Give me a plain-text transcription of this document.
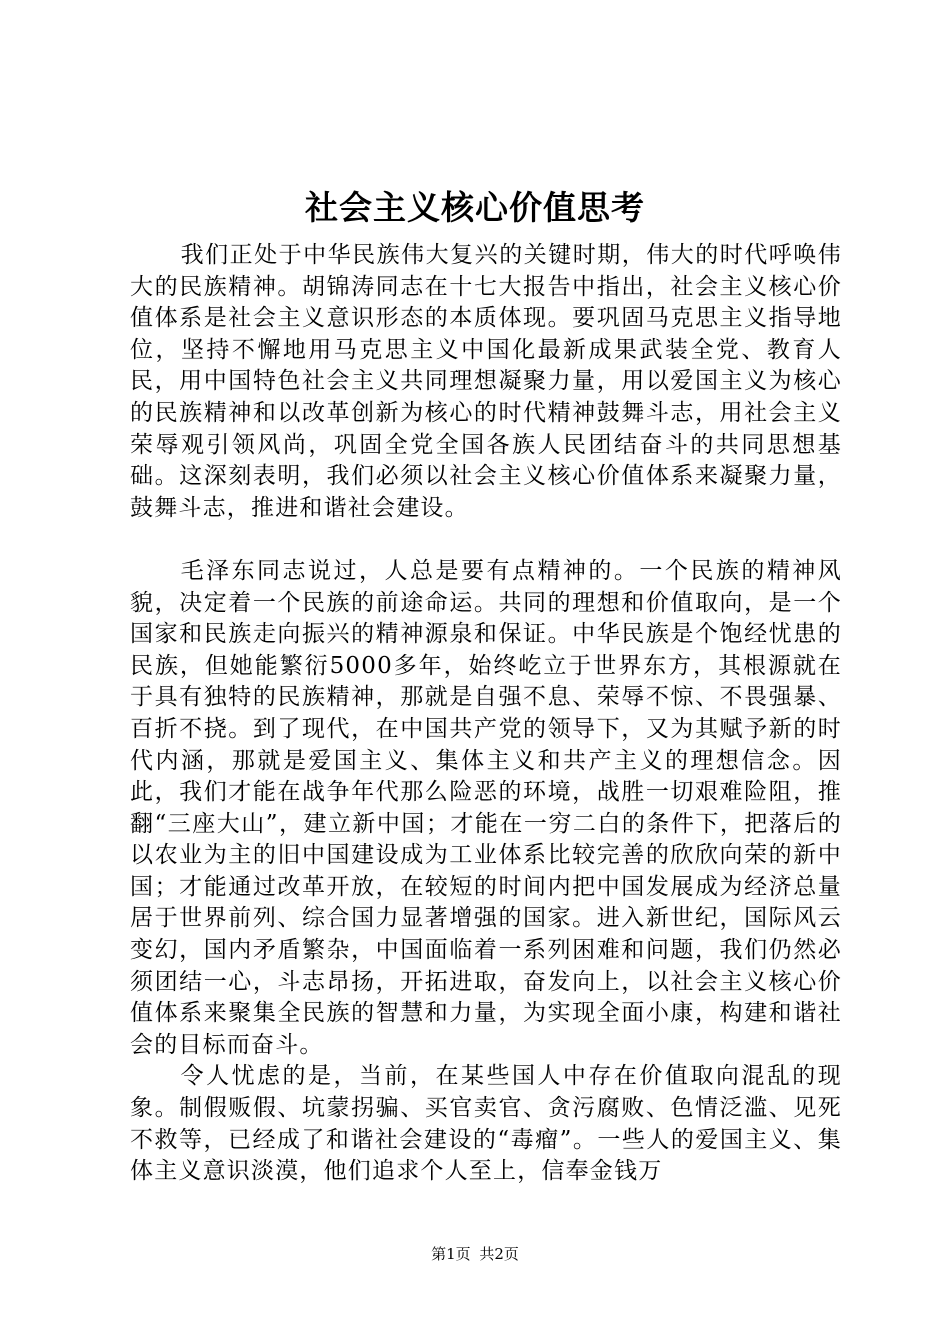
社会主义核心价值思考

我们正处于中华民族伟大复兴的关键时期，伟大的时代呼唤伟大的民族精神。胡锦涛同志在十七大报告中指出，社会主义核心价值体系是社会主义意识形态的本质体现。要巩固马克思主义指导地位，坚持不懈地用马克思主义中国化最新成果武装全党、教育人民，用中国特色社会主义共同理想凝聚力量，用以爱国主义为核心的民族精神和以改革创新为核心的时代精神鼓舞斗志，用社会主义荣辱观引领风尚，巩固全党全国各族人民团结奋斗的共同思想基础。这深刻表明，我们必须以社会主义核心价值体系来凝聚力量，鼓舞斗志，推进和谐社会建设。

毛泽东同志说过，人总是要有点精神的。一个民族的精神风貌，决定着一个民族的前途命运。共同的理想和价值取向，是一个国家和民族走向振兴的精神源泉和保证。中华民族是个饱经忧患的民族，但她能繁衍5000多年，始终屹立于世界东方，其根源就在于具有独特的民族精神，那就是自强不息、荣辱不惊、不畏强暴、百折不挠。到了现代，在中国共产党的领导下，又为其赋予新的时代内涵，那就是爱国主义、集体主义和共产主义的理想信念。因此，我们才能在战争年代那么险恶的环境，战胜一切艰难险阻，推翻“三座大山”，建立新中国；才能在一穷二白的条件下，把落后的以农业为主的旧中国建设成为工业体系比较完善的欣欣向荣的新中国；才能通过改革开放，在较短的时间内把中国发展成为经济总量居于世界前列、综合国力显著增强的国家。进入新世纪，国际风云变幻，国内矛盾繁杂，中国面临着一系列困难和问题，我们仍然必须团结一心，斗志昂扬，开拓进取，奋发向上，以社会主义核心价值体系来聚集全民族的智慧和力量，为实现全面小康，构建和谐社会的目标而奋斗。

令人忧虑的是，当前，在某些国人中存在价值取向混乱的现象。制假贩假、坑蒙拐骗、买官卖官、贪污腐败、色情泛滥、见死不救等，已经成了和谐社会建设的“毒瘤”。一些人的爱国主义、集体主义意识淡漠，他们追求个人至上，信奉金钱万

第1页 共2页
